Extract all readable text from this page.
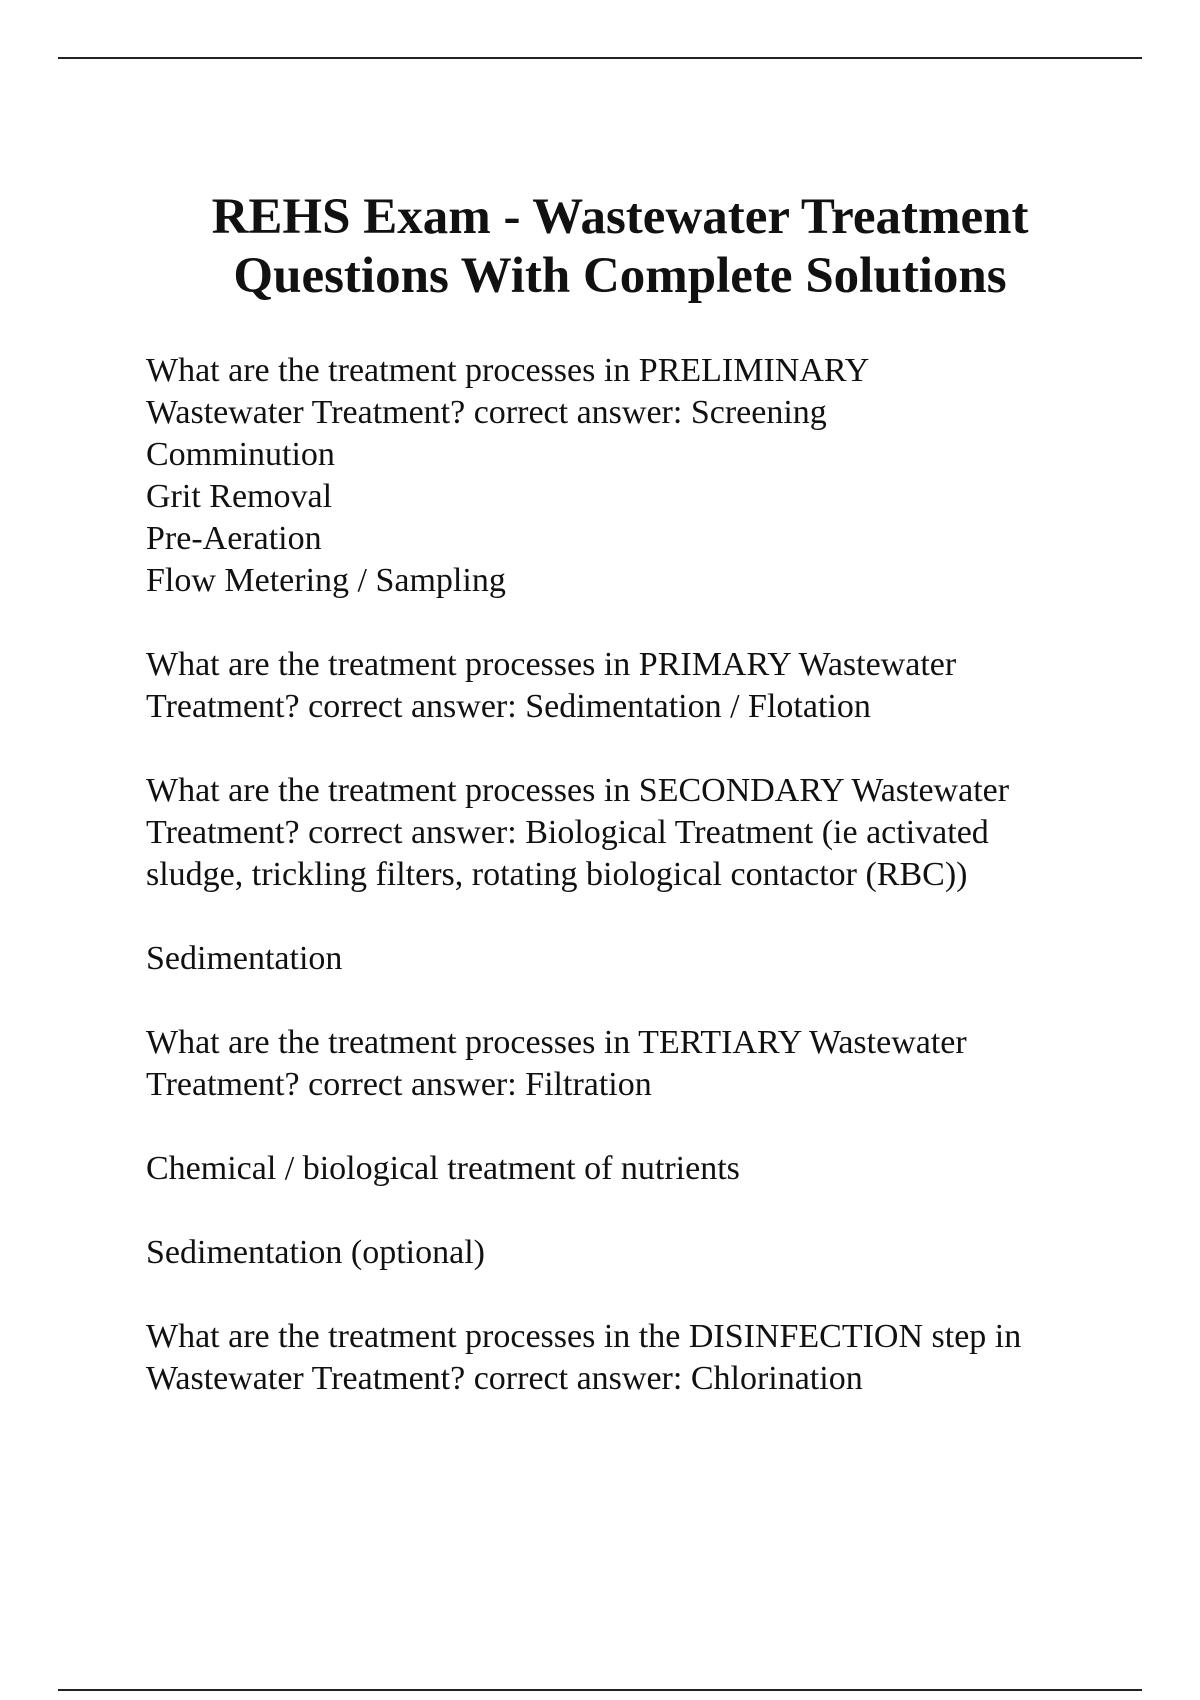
REHS Exam - Wastewater Treatment
Questions With Complete Solutions

What are the treatment processes in PRELIMINARY
Wastewater Treatment? correct answer: Screening
Comminution
Grit Removal
Pre-Aeration
Flow Metering / Sampling

What are the treatment processes in PRIMARY Wastewater
Treatment? correct answer: Sedimentation / Flotation

What are the treatment processes in SECONDARY Wastewater
Treatment? correct answer: Biological Treatment (ie activated
sludge, trickling filters, rotating biological contactor (RBC))

Sedimentation

What are the treatment processes in TERTIARY Wastewater
Treatment? correct answer: Filtration

Chemical / biological treatment of nutrients

Sedimentation (optional)

What are the treatment processes in the DISINFECTION step in
Wastewater Treatment? correct answer: Chlorination
